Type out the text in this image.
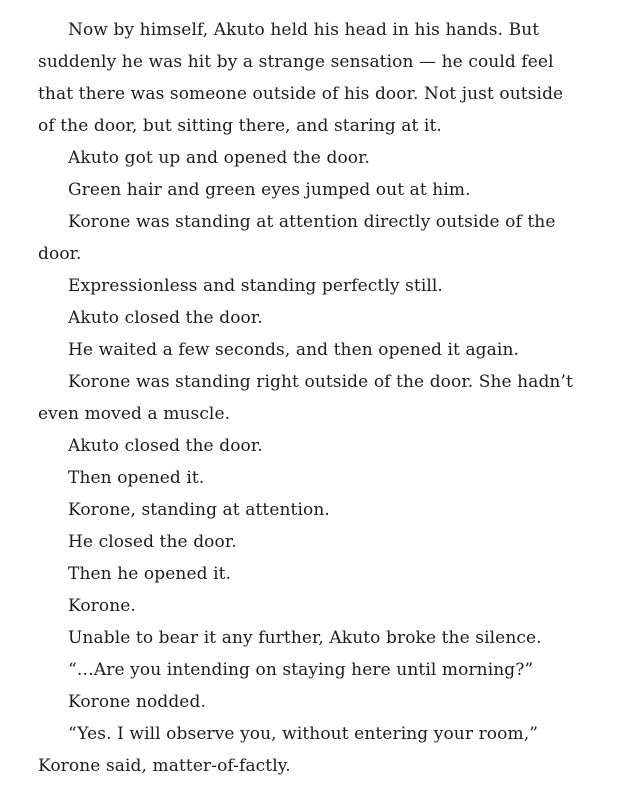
Now by himself, Akuto held his head in his hands. But suddenly he was hit by a strange sensation — he could feel that there was someone outside of his door. Not just outside of the door, but sitting there, and staring at it.

Akuto got up and opened the door.

Green hair and green eyes jumped out at him.

Korone was standing at attention directly outside of the door.

Expressionless and standing perfectly still.

Akuto closed the door.

He waited a few seconds, and then opened it again.

Korone was standing right outside of the door. She hadn’t even moved a muscle.

Akuto closed the door.

Then opened it.

Korone, standing at attention.

He closed the door.

Then he opened it.

Korone.

Unable to bear it any further, Akuto broke the silence.

“…Are you intending on staying here until morning?”

Korone nodded.

“Yes. I will observe you, without entering your room,” Korone said, matter-of-factly.
